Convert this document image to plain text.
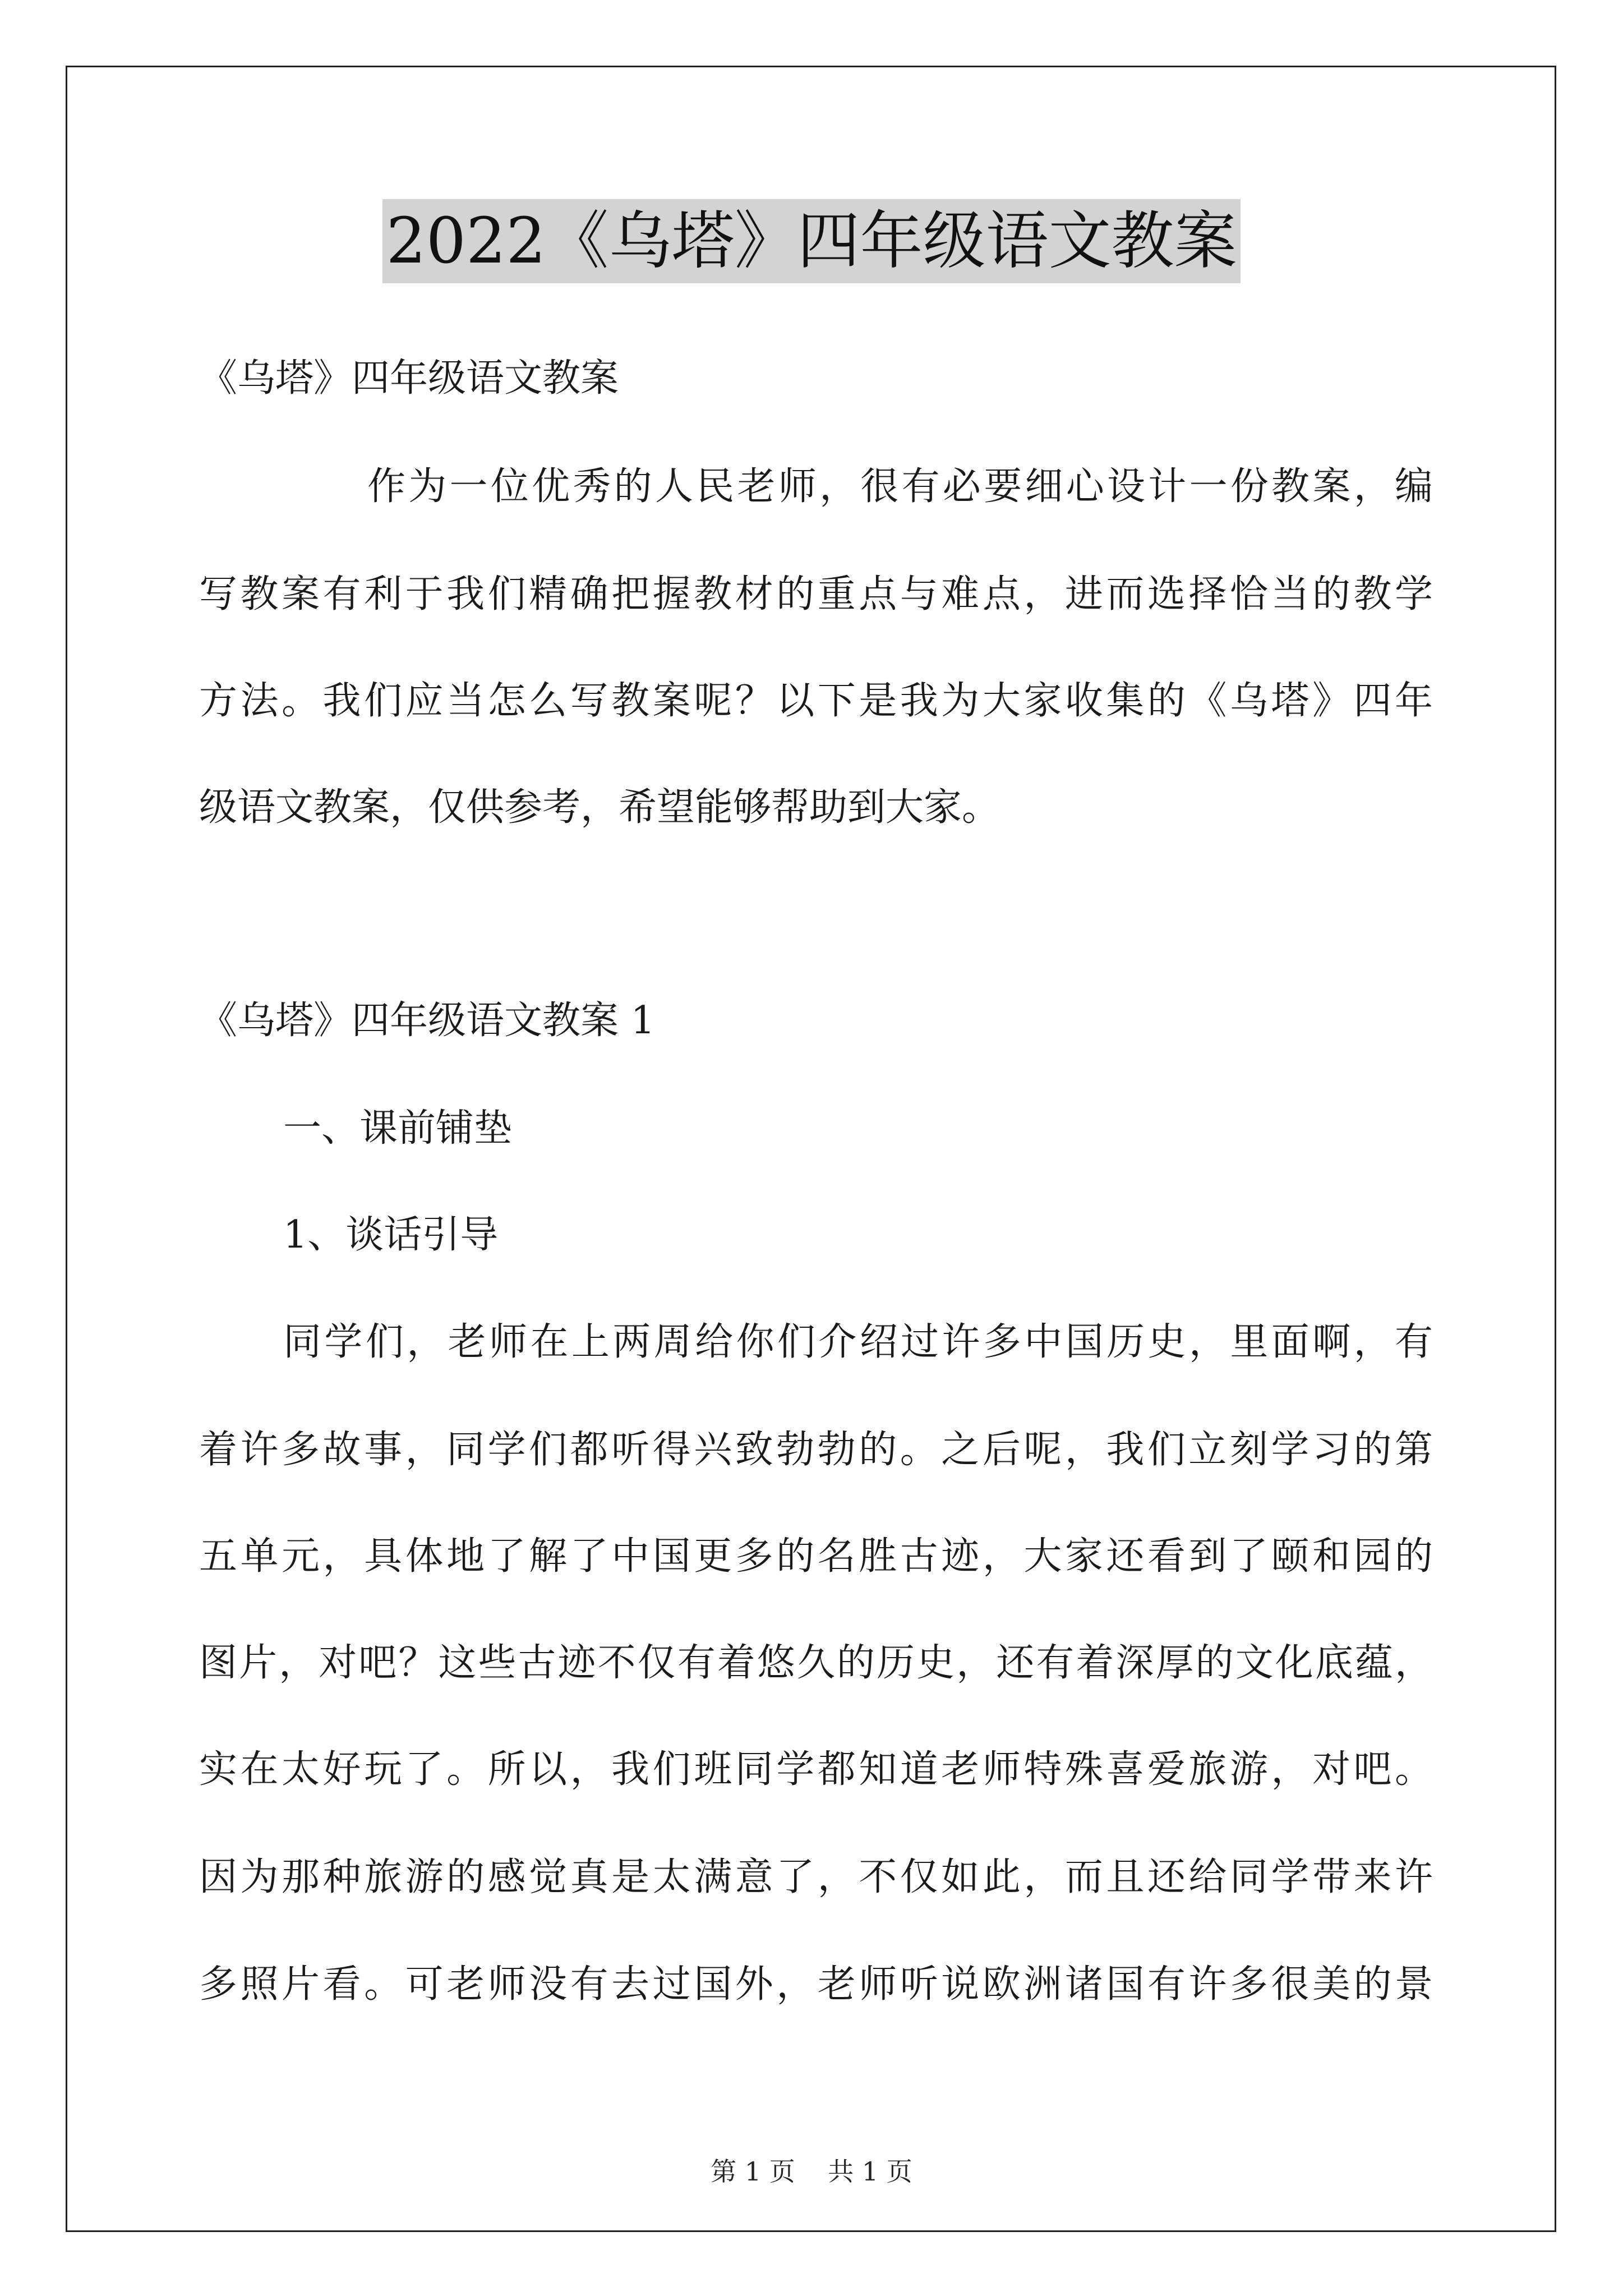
2022《乌塔》四年级语文教案
《乌塔》四年级语文教案
作为一位优秀的人民老师，很有必要细心设计一份教案，编
写教案有利于我们精确把握教材的重点与难点，进而选择恰当的教学
方法。我们应当怎么写教案呢？以下是我为大家收集的《乌塔》四年
级语文教案，仅供参考，希望能够帮助到大家。
《乌塔》四年级语文教案 1
一、课前铺垫
1、谈话引导
同学们，老师在上两周给你们介绍过许多中国历史，里面啊，有
着许多故事，同学们都听得兴致勃勃的。之后呢，我们立刻学习的第
五单元，具体地了解了中国更多的名胜古迹，大家还看到了颐和园的
图片，对吧？这些古迹不仅有着悠久的历史，还有着深厚的文化底蕴，
实在太好玩了。所以，我们班同学都知道老师特殊喜爱旅游，对吧。
因为那种旅游的感觉真是太满意了，不仅如此，而且还给同学带来许
多照片看。可老师没有去过国外，老师听说欧洲诸国有许多很美的景
第 1 页    共 1 页
